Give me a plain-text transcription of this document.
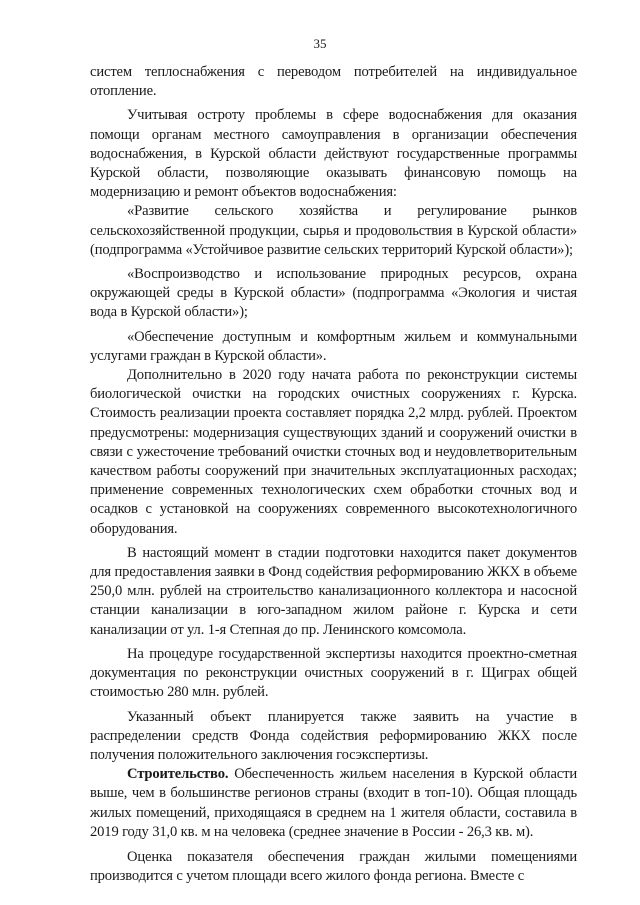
35

систем теплоснабжения с переводом потребителей на индивидуальное отопление.

Учитывая остроту проблемы в сфере водоснабжения для оказания помощи органам местного самоуправления в организации обеспечения водоснабжения, в Курской области действуют государственные программы Курской области, позволяющие оказывать финансовую помощь на модернизацию и ремонт объектов водоснабжения:

«Развитие сельского хозяйства и регулирование рынков сельскохозяйственной продукции, сырья и продовольствия в Курской области» (подпрограмма «Устойчивое развитие сельских территорий Курской области»);

«Воспроизводство и использование природных ресурсов, охрана окружающей среды в Курской области» (подпрограмма «Экология и чистая вода в Курской области»);

«Обеспечение доступным и комфортным жильем и коммунальными услугами граждан в Курской области».

Дополнительно в 2020 году начата работа по реконструкции системы биологической очистки на городских очистных сооружениях г. Курска. Стоимость реализации проекта составляет порядка 2,2 млрд. рублей. Проектом предусмотрены: модернизация существующих зданий и сооружений очистки в связи с ужесточение требований очистки сточных вод и неудовлетворительным качеством работы сооружений при значительных эксплуатационных расходах; применение современных технологических схем обработки сточных вод и осадков с установкой на сооружениях современного высокотехнологичного оборудования.

В настоящий момент в стадии подготовки находится пакет документов для предоставления заявки в Фонд содействия реформированию ЖКХ в объеме 250,0 млн. рублей на строительство канализационного коллектора и насосной станции канализации в юго-западном жилом районе г. Курска и сети канализации от ул. 1-я Степная до пр. Ленинского комсомола.

На процедуре государственной экспертизы находится проектно-сметная документация по реконструкции очистных сооружений в г. Щиграх общей стоимостью 280 млн. рублей.

Указанный объект планируется также заявить на участие в распределении средств Фонда содействия реформированию ЖКХ после получения положительного заключения госэкспертизы.

Строительство. Обеспеченность жильем населения в Курской области выше, чем в большинстве регионов страны (входит в топ-10). Общая площадь жилых помещений, приходящаяся в среднем на 1 жителя области, составила в 2019 году 31,0 кв. м на человека (среднее значение в России - 26,3 кв. м).

Оценка показателя обеспечения граждан жилыми помещениями производится с учетом площади всего жилого фонда региона. Вместе с
